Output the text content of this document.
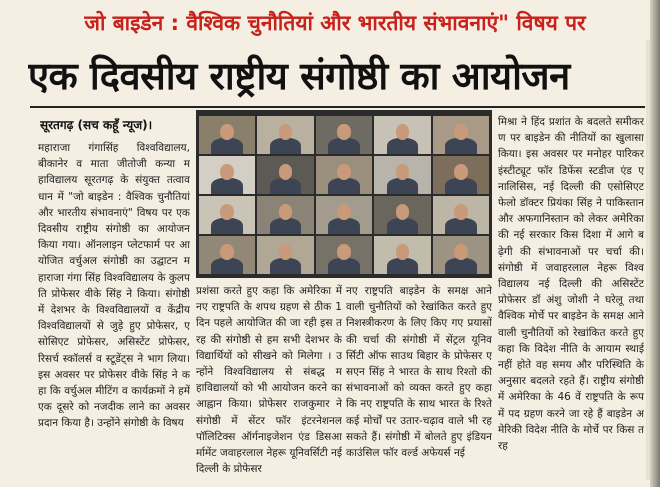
जो बाइडेन : वैश्विक चुनौतियां और भारतीय संभावनाएं" विषय पर
एक दिवसीय राष्ट्रीय संगोष्ठी का आयोजन
सूरतगढ़ (सच कहूँ न्यूज)।

महाराजा गंगासिंह विश्वविद्यालय, बीकानेर व माता जीतोजी कन्या महाविद्यालय सूरतगढ़ के संयुक्त तत्वावधान में "जो बाइडेन : वैश्विक चुनौतियां और भारतीय संभावनाएं" विषय पर एक दिवसीय राष्ट्रीय संगोष्ठी का आयोजन किया गया। ऑनलाइन प्लेटफार्म पर आयोजित वर्चुअल संगोष्ठी का उद्घाटन महाराजा गंगा सिंह विश्वविद्यालय के कुलपति प्रोफेसर वीके सिंह ने किया। संगोष्ठी में देशभर के विश्वविद्यालयों व केंद्रीय विश्वविद्यालयों से जुड़े हुए प्रोफेसर, एसोसिएट प्रोफेसर, असिस्टेंट प्रोफेसर, रिसर्च स्कॉलर्स व स्टूडेंट्स ने भाग लिया। इस अवसर पर प्रोफेसर वीके सिंह ने कहा कि वर्चुअल मीटिंग व कार्यक्रमों ने हमें एक दूसरे को नजदीक लाने का अवसर प्रदान किया है। उन्होंने संगोष्ठी के विषय

प्रशंसा करते हुए कहा कि अमेरिका में नए राष्ट्रपति के शपथ ग्रहण से ठीक 1 दिन पहले आयोजित की जा रही इस तरह की संगोष्ठी से हम सभी देशभर के विद्यार्थियों को सीखने को मिलेगा । उन्होंने विश्वविद्यालय से संबद्ध महाविद्यालयों को भी आयोजन करने का आह्वान किया। प्रोफेसर राजकुमार ने संगोष्ठी में सेंटर फॉर इंटरनेशनल पॉलिटिक्स ऑर्गनाइजेशन एंड डिसआर्मामेंट जवाहरलाल नेहरू यूनिवर्सिटी नई दिल्ली के प्रोफेसर

नए राष्ट्रपति बाइडेन के समक्ष आने वाली चुनौतियों को रेखांकित करते हुए निशस्त्रीकरण के लिए किए गए प्रयासों की चर्चा की संगोष्ठी में सेंट्रल यूनिवर्सिटी ऑफ साउथ बिहार के प्रोफेसर एसएन सिंह ने भारत के साथ रिश्तो की संभावनाओं को व्यक्त करते हुए कहा कि नए राष्ट्रपति के साथ भारत के रिश्ते कई मोर्चों पर उतार-चढ़ाव वाले भी रह सकते हैं। संगोष्ठी में बोलते हुए इंडियन काउंसिल फॉर वर्ल्ड अफेयर्स नई

मिश्रा ने हिंद प्रशांत के बदलते समीकरण पर बाइडेन की नीतियों का खुलासा किया। इस अवसर पर मनोहर पारिकर इंस्टीट्यूट फॉर डिफेंस स्टडीज एंड एनालिसिस, नई दिल्ली की एसोसिएट फेलो डॉक्टर प्रियंका सिंह ने पाकिस्तान और अफगानिस्तान को लेकर अमेरिका की नई सरकार किस दिशा में आगे बढ़ेगी की संभावनाओं पर चर्चा की। संगोष्ठी में जवाहरलाल नेहरू विश्वविद्यालय नई दिल्ली की असिस्टेंट प्रोफेसर डॉ अंशु जोशी ने घरेलू तथा वैश्विक मोर्चे पर बाइडेन के समक्ष आने वाली चुनौतियों को रेखांकित करते हुए कहा कि विदेश नीति के आयाम स्थाई नहीं होते वह समय और परिस्थिति के अनुसार बदलते रहते हैं। राष्ट्रीय संगोष्ठी में अमेरिका के 46 वें राष्ट्रपति के रूप में पद ग्रहण करने जा रहे हैं बाइडेन अमेरिकी विदेश नीति के मोर्चे पर किस तरह
